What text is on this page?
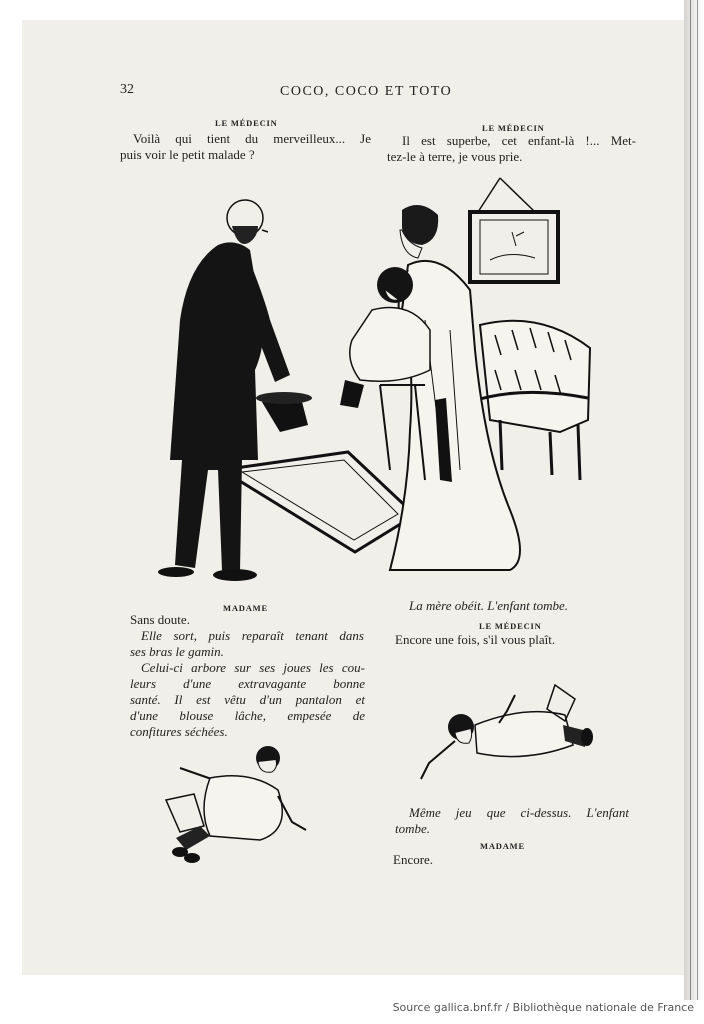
32	COCO, COCO ET TOTO
LE MÉDECIN
Voilà qui tient du merveilleux... Je
puis voir le petit malade ?
LE MÉDECIN
Il est superbe, cet enfant-là !... Met-
tez-le à terre, je vous prie.
MADAME
Sans doute.
Elle sort, puis reparaît tenant dans
ses bras le gamin.
Celui-ci arbore sur ses joues les cou-
leurs d'une extravagante bonne
santé. Il est vêtu d'un pantalon et
d'une blouse lâche, empesée de
confitures séchées.
La mère obéit. L'enfant tombe.
LE MÉDECIN
Encore une fois, s'il vous plaît.
Même jeu que ci-dessus. L'enfant
tombe.
MADAME
Encore.
Source gallica.bnf.fr / Bibliothèque nationale de France
